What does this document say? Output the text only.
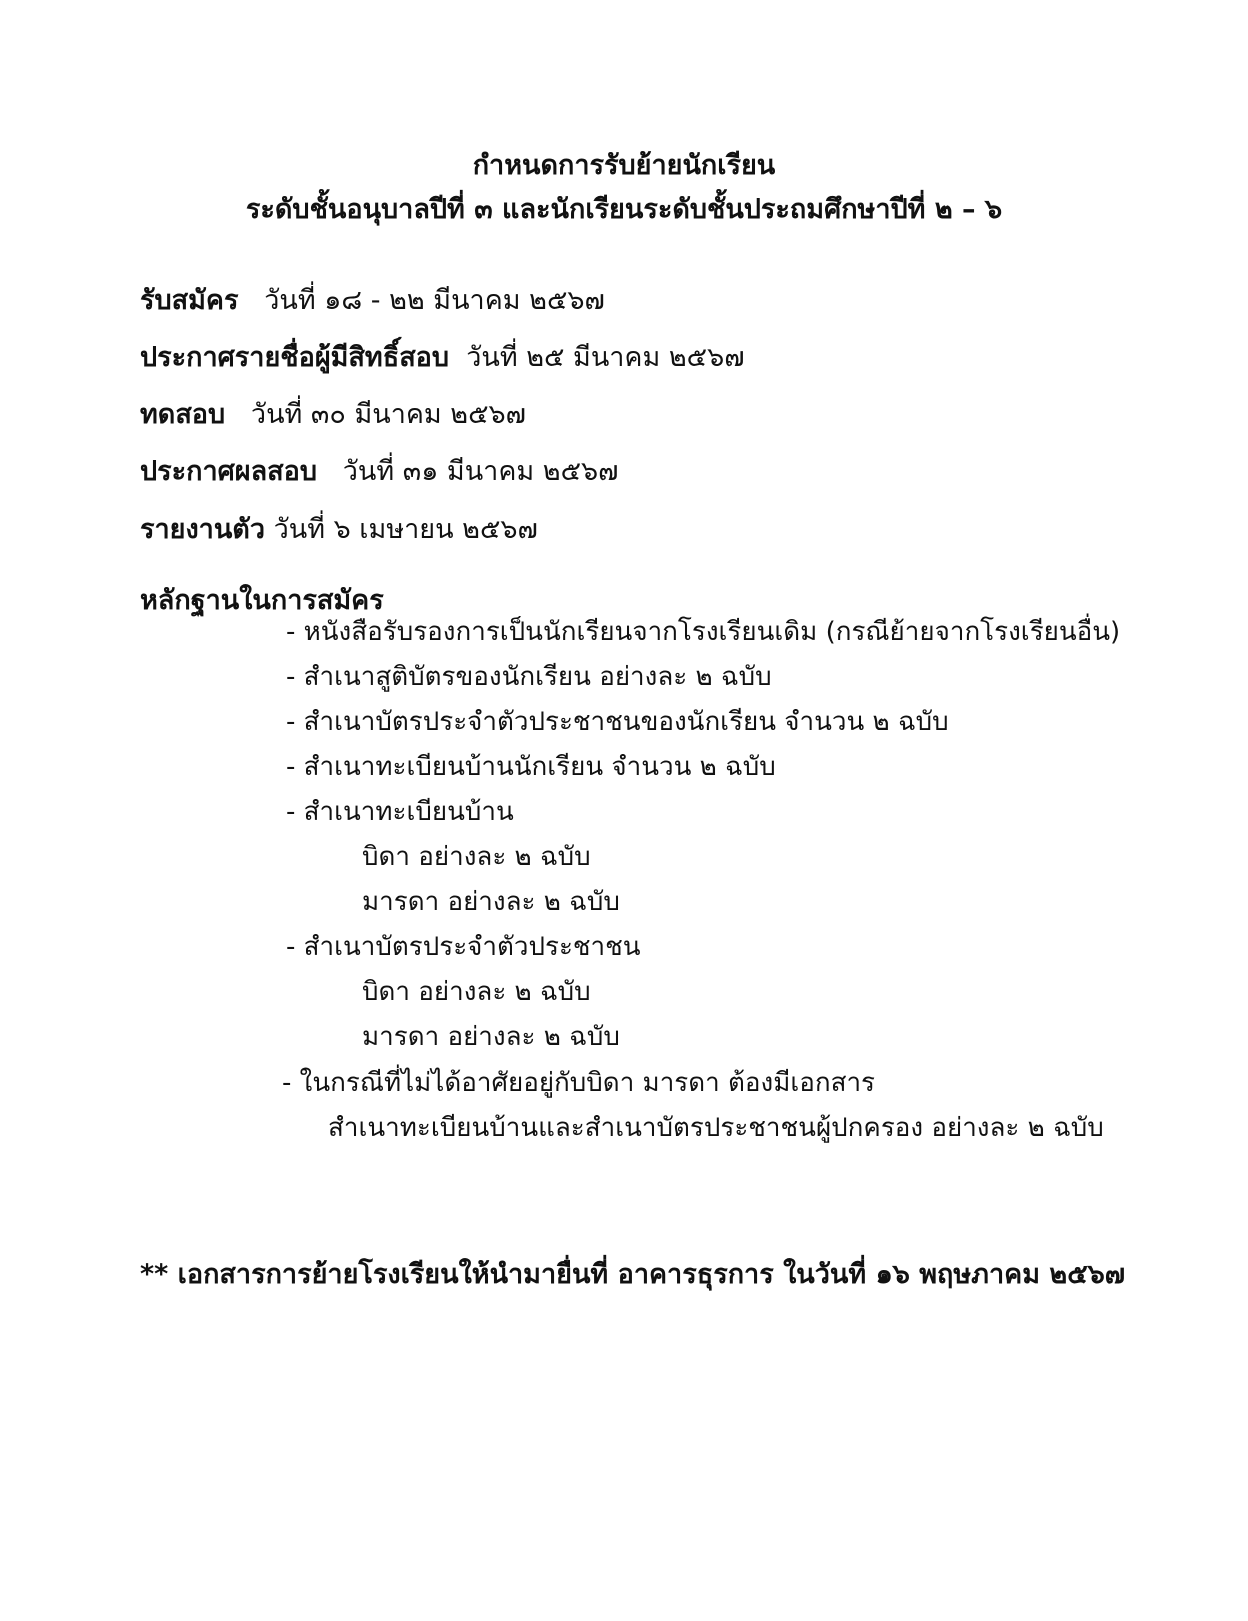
กำหนดการรับย้ายนักเรียน
ระดับชั้นอนุบาลปีที่ ๓ และนักเรียนระดับชั้นประถมศึกษาปีที่ ๒ – ๖
รับสมัคร วันที่ ๑๘ - ๒๒ มีนาคม ๒๕๖๗
ประกาศรายชื่อผู้มีสิทธิ์สอบ วันที่ ๒๕ มีนาคม ๒๕๖๗
ทดสอบ วันที่ ๓๐ มีนาคม ๒๕๖๗
ประกาศผลสอบ วันที่ ๓๑ มีนาคม ๒๕๖๗
รายงานตัว วันที่ ๖ เมษายน ๒๕๖๗
หลักฐานในการสมัคร
- หนังสือรับรองการเป็นนักเรียนจากโรงเรียนเดิม (กรณีย้ายจากโรงเรียนอื่น)
- สำเนาสูติบัตรของนักเรียน อย่างละ ๒ ฉบับ
- สำเนาบัตรประจำตัวประชาชนของนักเรียน จำนวน ๒ ฉบับ
- สำเนาทะเบียนบ้านนักเรียน จำนวน ๒ ฉบับ
- สำเนาทะเบียนบ้าน
บิดา อย่างละ ๒ ฉบับ
มารดา อย่างละ ๒ ฉบับ
- สำเนาบัตรประจำตัวประชาชน
บิดา อย่างละ ๒ ฉบับ
มารดา อย่างละ ๒ ฉบับ
- ในกรณีที่ไม่ได้อาศัยอยู่กับบิดา มารดา ต้องมีเอกสาร
สำเนาทะเบียนบ้านและสำเนาบัตรประชาชนผู้ปกครอง อย่างละ ๒ ฉบับ
** เอกสารการย้ายโรงเรียนให้นำมายื่นที่ อาคารธุรการ ในวันที่ ๑๖ พฤษภาคม ๒๕๖๗
